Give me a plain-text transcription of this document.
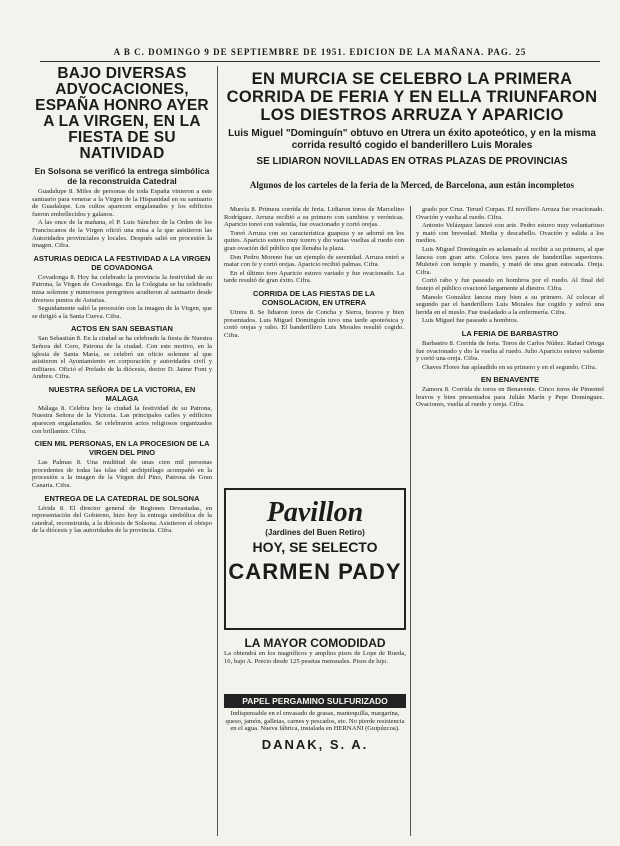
A B C. DOMINGO 9 DE SEPTIEMBRE DE 1951. EDICION DE LA MAÑANA. PAG. 25
BAJO DIVERSAS ADVOCACIONES, ESPAÑA HONRO AYER A LA VIRGEN, EN LA FIESTA DE SU NATIVIDAD
En Solsona se verificó la entrega simbólica de la reconstruida Catedral

Guadalupe 8. Miles de personas de toda España vinieron a este santuario para venerar a la Virgen de la Hispanidad en su santuario de Guadalupe. Los cultos aparecen engalanados y los edificios fueron embellecidos y galanos.

A las once de la mañana, el P. Luis Sánchez de la Orden de los Franciscanos de la Virgen ofició una misa a la que asistieron las Autoridades provinciales y locales. Después salió en procesión la imagen. Cifra.

ASTURIAS DEDICA LA FESTIVIDAD A LA VIRGEN DE COVADONGA

Covadonga 8. Hoy ha celebrado la provincia la festividad de su Patrona, la Virgen de Covadonga. En la Colegiata se ha celebrado misa solemne y numerosos peregrinos acudieron al santuario desde diversos puntos de Asturias.

Seguidamente salió la procesión con la imagen de la Virgen, que se dirigió a la Santa Cueva. Cifra.

ACTOS EN SAN SEBASTIAN

San Sebastián 8. En la ciudad se ha celebrado la fiesta de Nuestra Señora del Coro, Patrona de la ciudad. Con este motivo, en la iglesia de Santa María, se celebró un oficio solemne al que asistieron el Ayuntamiento en corporación y autoridades civil y militares. Ofició el Prelado de la diócesis, doctor D. Jaime Font y Andreu. Cifra.

NUESTRA SEÑORA DE LA VICTORIA, EN MALAGA

Málaga 8. Celebra hoy la ciudad la festividad de su Patrona, Nuestra Señora de la Victoria. Las principales calles y edificios aparecen engalanados. Se celebraron actos religiosos organizados con brillantez. Cifra.

CIEN MIL PERSONAS, EN LA PROCESION DE LA VIRGEN DEL PINO

Las Palmas 8. Una multitud de unas cien mil personas procedentes de todas las islas del archipiélago acompañó en la procesión a la imagen de la Virgen del Pino, Patrona de Gran Canaria. Cifra.

ENTREGA DE LA CATEDRAL DE SOLSONA

Lérida 8. El director general de Regiones Devastadas, en representación del Gobierno, hizo hoy la entrega simbólica de la catedral, reconstruida, a la diócesis de Solsona. Asistieron el obispo de la diócesis y las autoridades de la provincia. Cifra.

EN MURCIA SE CELEBRO LA PRIMERA CORRIDA DE FERIA Y EN ELLA TRIUNFARON LOS DIESTROS ARRUZA Y APARICIO
Luis Miguel "Dominguín" obtuvo en Utrera un éxito apoteótico, y en la misma corrida resultó cogido el banderillero Luis Morales
SE LIDIARON NOVILLADAS EN OTRAS PLAZAS DE PROVINCIAS
Algunos de los carteles de la feria de la Merced, de Barcelona, aun están incompletos

Murcia 8. Primera corrida de feria. Lidiaron toros de Marcelino Rodríguez. Arruza recibió a su primero con cambios y verónicas. Aparicio toreó con valentía, fue ovacionado y cortó orejas.

Toreó Arruza con su característica guapeza y se adornó en los quites. Aparicio estuvo muy torero y dio varias vueltas al ruedo con gran ovación del público que llenaba la plaza.

Don Pedro Moreno fue un ejemplo de serenidad. Arruza entró a matar con fe y cortó orejas. Aparicio recibió palmas. Cifra.

En el último toro Aparicio estuvo variado y fue ovacionado. La tarde resultó de gran éxito. Cifra.

CORRIDA DE LAS FIESTAS DE LA CONSOLACION, EN UTRERA

Utrera 8. Se lidiaron toros de Concha y Sierra, bravos y bien presentados. Luis Miguel Dominguín tuvo una tarde apoteósica y cortó orejas y rabo. El banderillero Luis Morales resultó cogido. Cifra.

Pavillon
(Jardines del Buen Retiro)
HOY, SE SELECTO
CARMEN PADY
LA MAYOR COMODIDAD
La obtendrá en los magníficos y amplios pisos de Lope de Rueda, 16, bajo A. Precio desde 125 pesetas mensuales. Pisos de lujo.
PAPEL PERGAMINO SULFURIZADO
Indispensable en el envasado de grasas, mantequilla, margarina, queso, jamón, galletas, carnes y pescados, etc. No pierde resistencia en el agua. Nueva fábrica, instalada en HERNANI (Guipúzcoa).
DANAK, S. A.

grado por Cruz. Teruel Corpas. El novillero Arruza fue ovacionado. Ovación y vuelta al ruedo. Cifra.

Antonio Velázquez lanceó con arte. Pedro estuvo muy voluntarioso y mató con brevedad. Media y descabello. Ovación y salida a los medios.

Luis Miguel Dominguín es aclamado al recibir a su primero, al que lancea con gran arte. Coloca tres pares de banderillas superiores. Muleteó con temple y mando, y mató de una gran estocada. Oreja. Cifra.

Cortó rabo y fue paseado en hombros por el ruedo. Al final del festejo el público ovacionó largamente al diestro. Cifra.

Manolo González lancea muy bien a su primero. Al colocar el segundo par el banderillero Luis Morales fue cogido y sufrió una herida en el muslo. Fue trasladado a la enfermería. Cifra.

Luis Miguel fue paseado a hombros.

LA FERIA DE BARBASTRO

Barbastro 8. Corrida de feria. Toros de Carlos Núñez. Rafael Ortega fue ovacionado y dio la vuelta al ruedo. Julio Aparicio estuvo valiente y cortó una oreja. Cifra.

Chaves Flores fue aplaudido en su primero y en el segundo. Cifra.

EN BENAVENTE

Zamora 8. Corrida de toros en Benavente. Cinco toros de Pimentel bravos y bien presentados para Julián Marín y Pepe Domínguez. Ovaciones, vuelta al ruedo y oreja. Cifra.
